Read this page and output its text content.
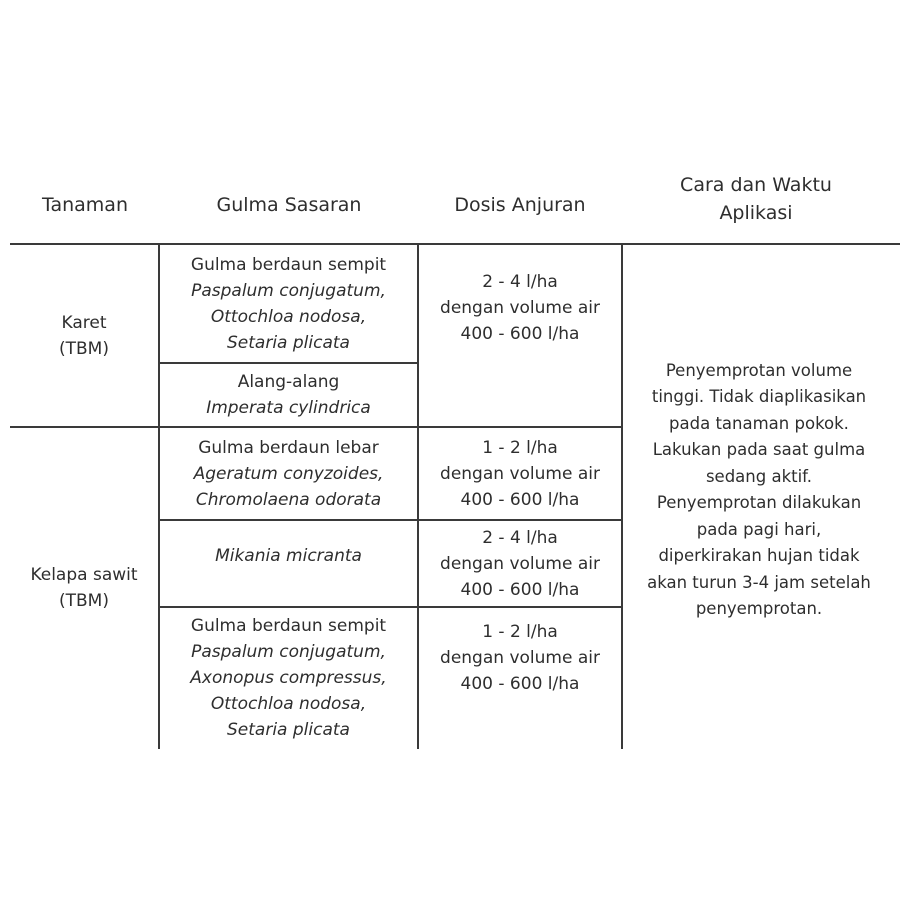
Tanaman	Gulma Sasaran	Dosis Anjuran
Cara dan Waktu
Aplikasi
Karet
(TBM)
Gulma berdaun sempit
Paspalum conjugatum,
Ottochloa nodosa,
Setaria plicata
Alang-alang
Imperata cylindrica
2 - 4 l/ha
dengan volume air
400 - 600 l/ha
Kelapa sawit
(TBM)
Gulma berdaun lebar
Ageratum conyzoides,
Chromolaena odorata
1 - 2 l/ha
dengan volume air
400 - 600 l/ha
Mikania micranta
2 - 4 l/ha
dengan volume air
400 - 600 l/ha
Gulma berdaun sempit
Paspalum conjugatum,
Axonopus compressus,
Ottochloa nodosa,
Setaria plicata
1 - 2 l/ha
dengan volume air
400 - 600 l/ha
Penyemprotan volume
tinggi. Tidak diaplikasikan
pada tanaman pokok.
Lakukan pada saat gulma
sedang aktif.
Penyemprotan dilakukan
pada pagi hari,
diperkirakan hujan tidak
akan turun 3-4 jam setelah
penyemprotan.
